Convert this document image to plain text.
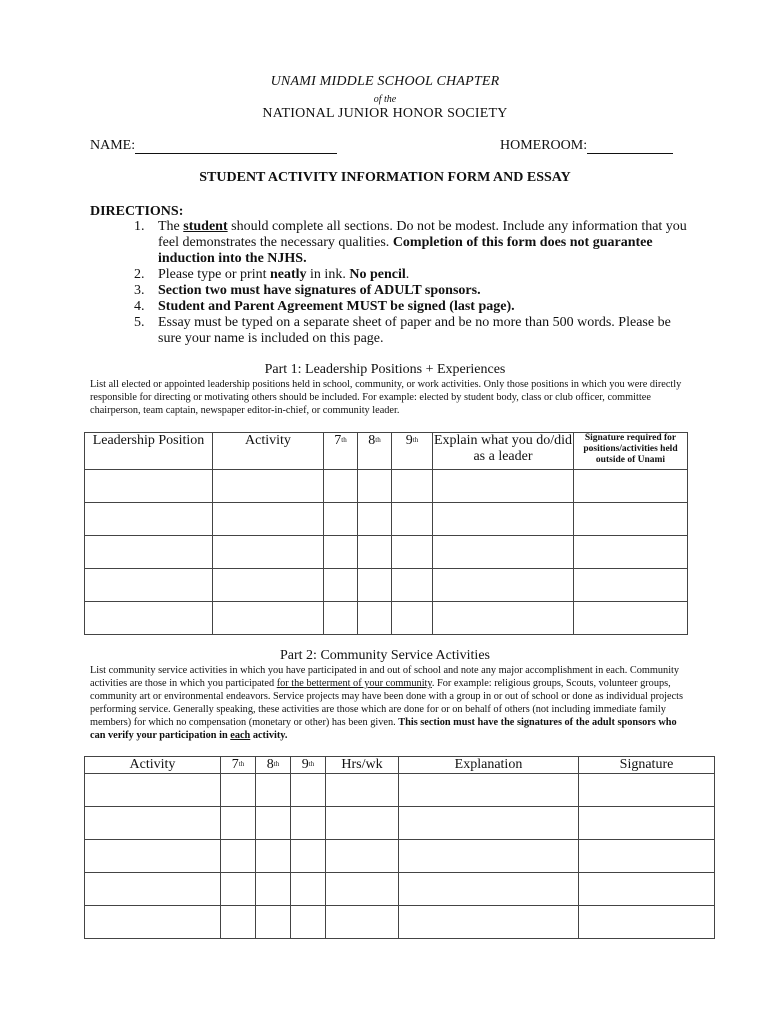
UNAMI MIDDLE SCHOOL CHAPTER
of the
NATIONAL JUNIOR HONOR SOCIETY
NAME:	HOMEROOM:
STUDENT ACTIVITY INFORMATION FORM AND ESSAY
DIRECTIONS:
1. The student should complete all sections. Do not be modest. Include any information that you feel demonstrates the necessary qualities. Completion of this form does not guarantee induction into the NJHS.
2. Please type or print neatly in ink. No pencil.
3. Section two must have signatures of ADULT sponsors.
4. Student and Parent Agreement MUST be signed (last page).
5. Essay must be typed on a separate sheet of paper and be no more than 500 words. Please be sure your name is included on this page.
Part 1: Leadership Positions + Experiences
List all elected or appointed leadership positions held in school, community, or work activities. Only those positions in which you were directly responsible for directing or motivating others should be included. For example: elected by student body, class or club officer, committee chairperson, team captain, newspaper editor-in-chief, or community leader.
Leadership Position	Activity	7th	8th	9th	Explain what you do/did as a leader	Signature required for positions/activities held outside of Unami

Part 2: Community Service Activities
List community service activities in which you have participated in and out of school and note any major accomplishment in each. Community activities are those in which you participated for the betterment of your community. For example: religious groups, Scouts, volunteer groups, community art or environmental endeavors. Service projects may have been done with a group in or out of school or done as individual projects performing service. Generally speaking, these activities are those which are done for or on behalf of others (not including immediate family members) for which no compensation (monetary or other) has been given. This section must have the signatures of the adult sponsors who can verify your participation in each activity.
Activity	7th	8th	9th	Hrs/wk	Explanation	Signature
